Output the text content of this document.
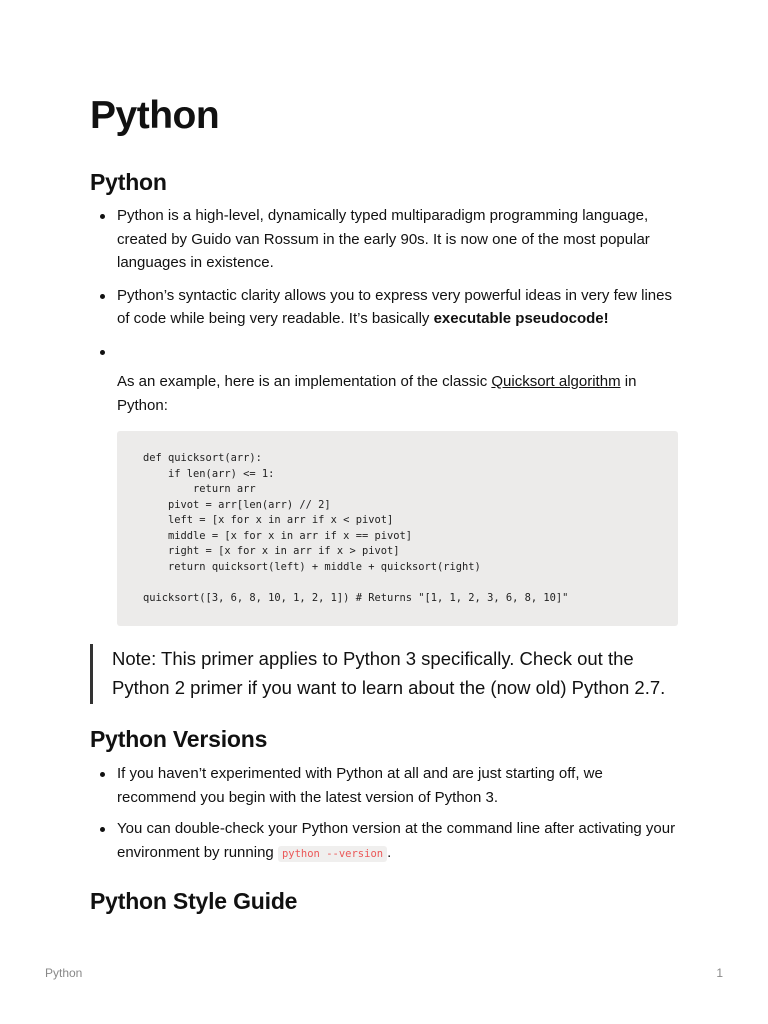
Python
Python
Python is a high-level, dynamically typed multiparadigm programming language, created by Guido van Rossum in the early 90s. It is now one of the most popular languages in existence.
Python’s syntactic clarity allows you to express very powerful ideas in very few lines of code while being very readable. It’s basically executable pseudocode!
As an example, here is an implementation of the classic Quicksort algorithm in Python:
def quicksort(arr):
if len(arr) <= 1:
return arr
pivot = arr[len(arr) // 2]
left = [x for x in arr if x < pivot]
middle = [x for x in arr if x == pivot]
right = [x for x in arr if x > pivot]
return quicksort(left) + middle + quicksort(right)

quicksort([3, 6, 8, 10, 1, 2, 1]) # Returns "[1, 1, 2, 3, 6, 8, 10]"
Note: This primer applies to Python 3 specifically. Check out the Python 2 primer if you want to learn about the (now old) Python 2.7.
Python Versions
If you haven’t experimented with Python at all and are just starting off, we recommend you begin with the latest version of Python 3.
You can double-check your Python version at the command line after activating your environment by running python --version .
Python Style Guide
Python	1
